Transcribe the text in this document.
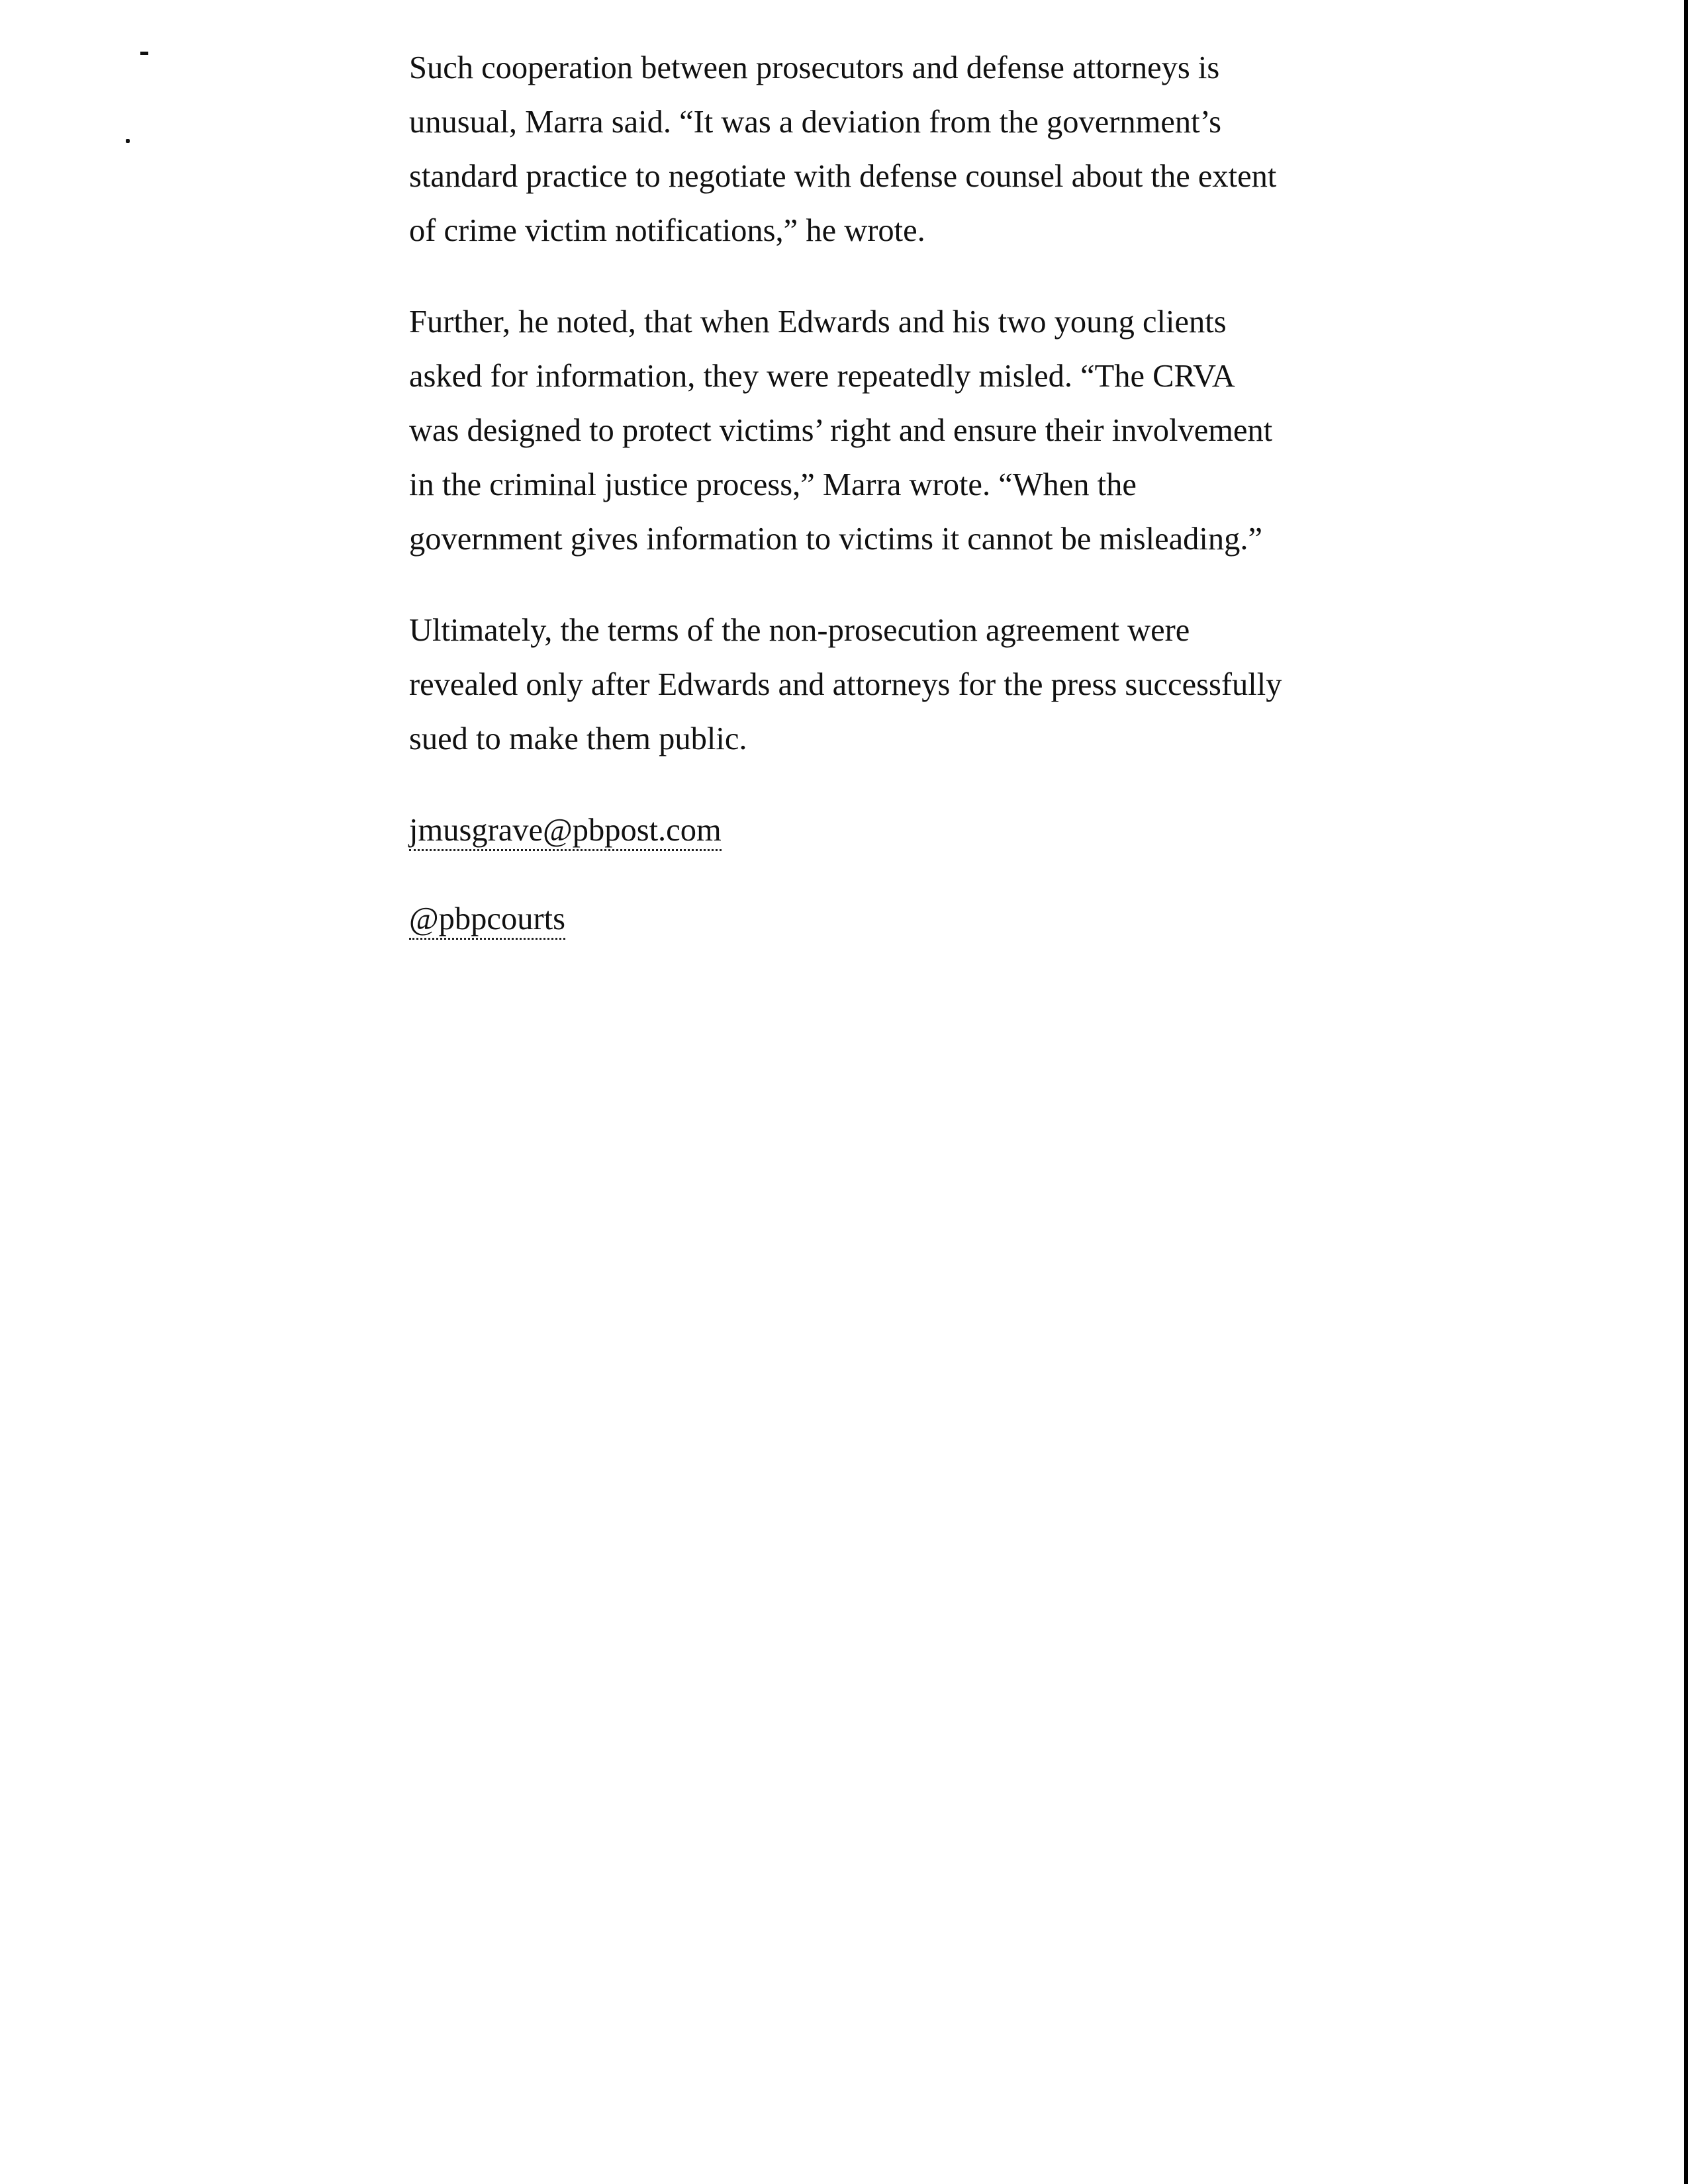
Such cooperation between prosecutors and defense attorneys is unusual, Marra said. “It was a deviation from the government’s standard practice to negotiate with defense counsel about the extent of crime victim notifications,” he wrote.

Further, he noted, that when Edwards and his two young clients asked for information, they were repeatedly misled. “The CRVA was designed to protect victims’ right and ensure their involvement in the criminal justice process,” Marra wrote. “When the government gives information to victims it cannot be misleading.”

Ultimately, the terms of the non-prosecution agreement were revealed only after Edwards and attorneys for the press successfully sued to make them public.

jmusgrave@pbpost.com
@pbpcourts
